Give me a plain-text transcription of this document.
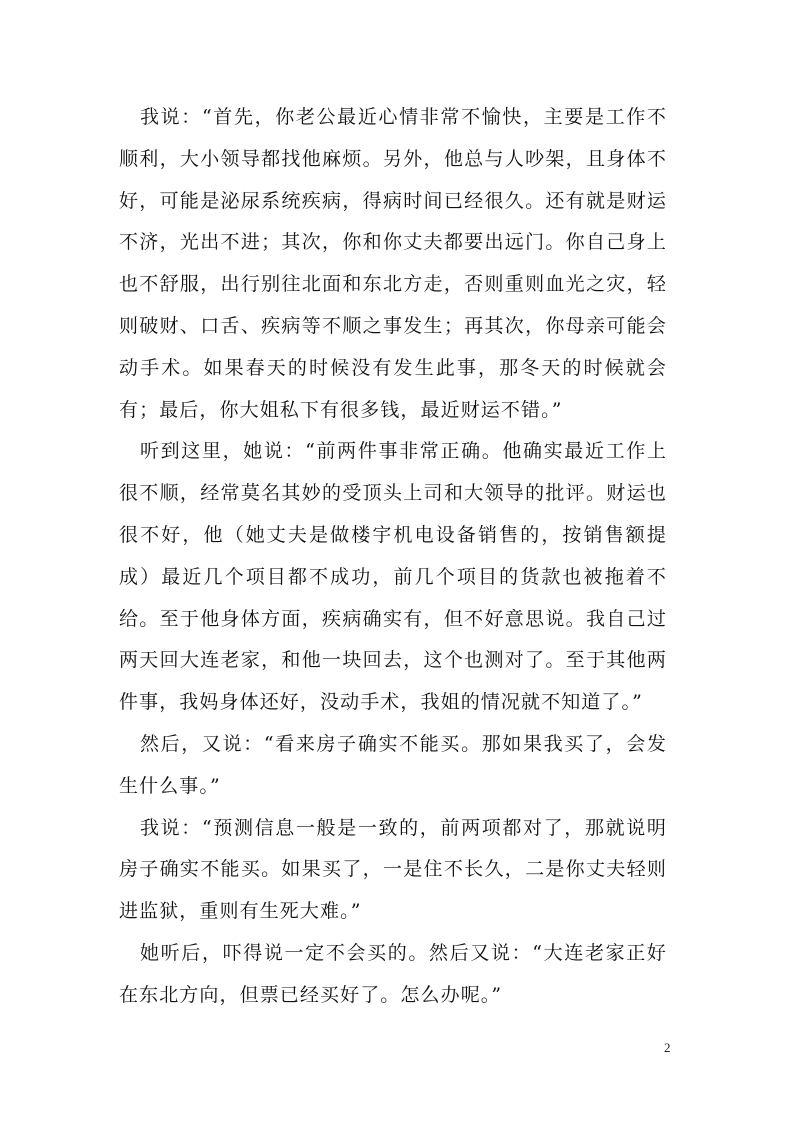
我说：“首先，你老公最近心情非常不愉快，主要是工作不顺利，大小领导都找他麻烦。另外，他总与人吵架，且身体不好，可能是泌尿系统疾病，得病时间已经很久。还有就是财运不济，光出不进；其次，你和你丈夫都要出远门。你自己身上也不舒服，出行别往北面和东北方走，否则重则血光之灾，轻则破财、口舌、疾病等不顺之事发生；再其次，你母亲可能会动手术。如果春天的时候没有发生此事，那冬天的时候就会有；最后，你大姐私下有很多钱，最近财运不错。”

听到这里，她说：“前两件事非常正确。他确实最近工作上很不顺，经常莫名其妙的受顶头上司和大领导的批评。财运也很不好，他（她丈夫是做楼宇机电设备销售的，按销售额提成）最近几个项目都不成功，前几个项目的货款也被拖着不给。至于他身体方面，疾病确实有，但不好意思说。我自己过两天回大连老家，和他一块回去，这个也测对了。至于其他两件事，我妈身体还好，没动手术，我姐的情况就不知道了。”

然后，又说：“看来房子确实不能买。那如果我买了，会发生什么事。”

我说：“预测信息一般是一致的，前两项都对了，那就说明房子确实不能买。如果买了，一是住不长久，二是你丈夫轻则进监狱，重则有生死大难。”

她听后，吓得说一定不会买的。然后又说：“大连老家正好在东北方向，但票已经买好了。怎么办呢。”

2
